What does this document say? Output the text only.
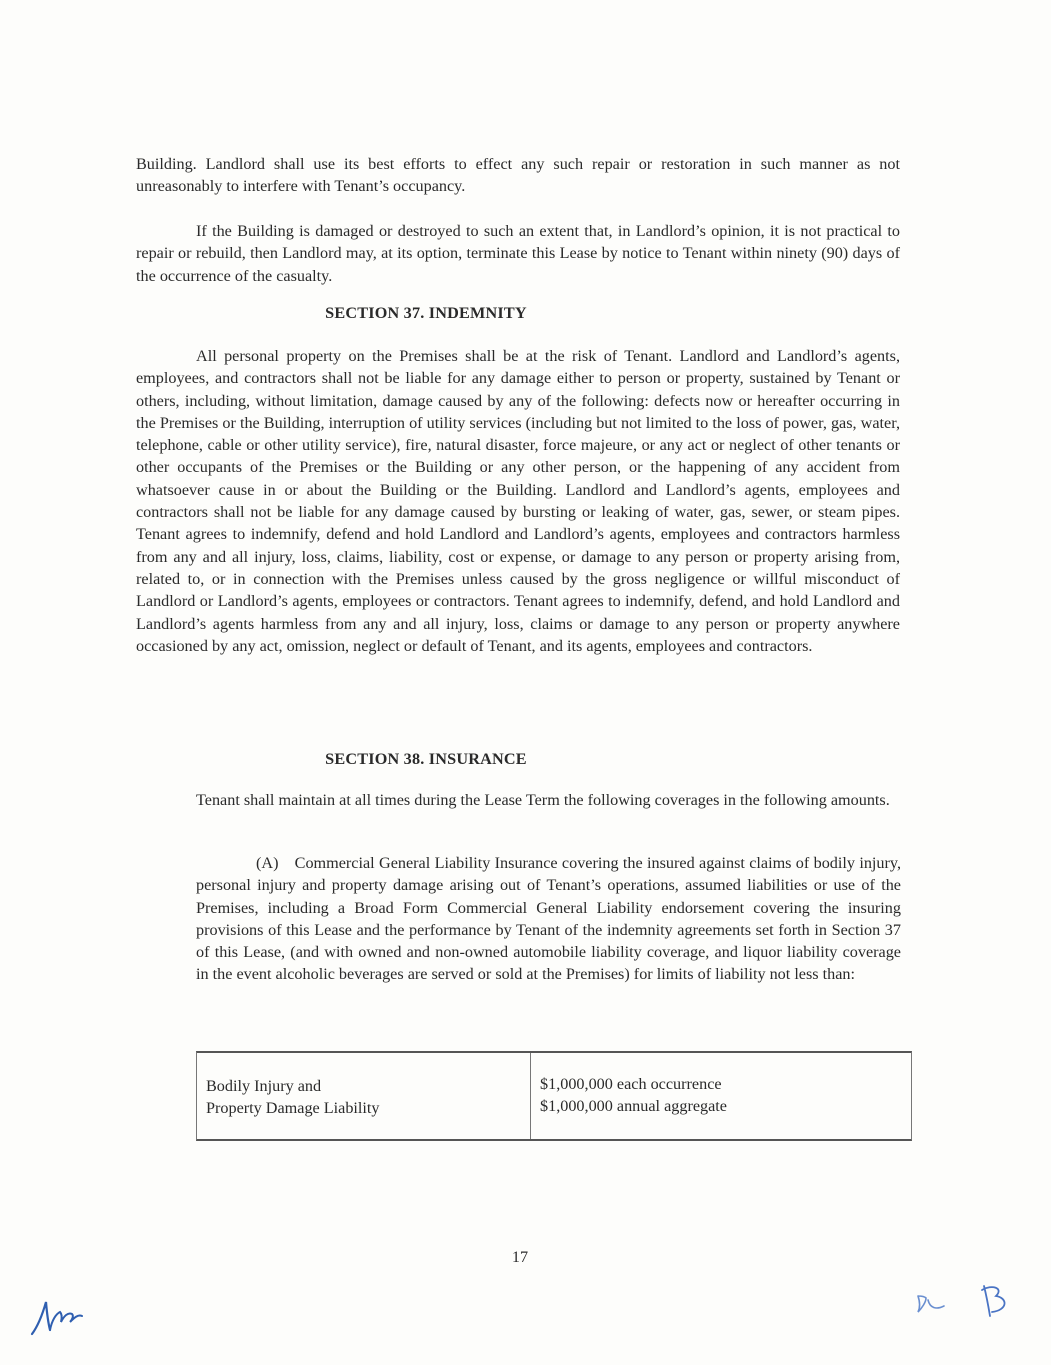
Building. Landlord shall use its best efforts to effect any such repair or restoration in such manner as not unreasonably to interfere with Tenant’s occupancy.

If the Building is damaged or destroyed to such an extent that, in Landlord’s opinion, it is not practical to repair or rebuild, then Landlord may, at its option, terminate this Lease by notice to Tenant within ninety (90) days of the occurrence of the casualty.

SECTION 37. INDEMNITY

All personal property on the Premises shall be at the risk of Tenant. Landlord and Landlord’s agents, employees, and contractors shall not be liable for any damage either to person or property, sustained by Tenant or others, including, without limitation, damage caused by any of the following: defects now or hereafter occurring in the Premises or the Building, interruption of utility services (including but not limited to the loss of power, gas, water, telephone, cable or other utility service), fire, natural disaster, force majeure, or any act or neglect of other tenants or other occupants of the Premises or the Building or any other person, or the happening of any accident from whatsoever cause in or about the Building or the Building. Landlord and Landlord’s agents, employees and contractors shall not be liable for any damage caused by bursting or leaking of water, gas, sewer, or steam pipes. Tenant agrees to indemnify, defend and hold Landlord and Landlord’s agents, employees and contractors harmless from any and all injury, loss, claims, liability, cost or expense, or damage to any person or property arising from, related to, or in connection with the Premises unless caused by the gross negligence or willful misconduct of Landlord or Landlord’s agents, employees or contractors. Tenant agrees to indemnify, defend, and hold Landlord and Landlord’s agents harmless from any and all injury, loss, claims or damage to any person or property anywhere occasioned by any act, omission, neglect or default of Tenant, and its agents, employees and contractors.

SECTION 38. INSURANCE

Tenant shall maintain at all times during the Lease Term the following coverages in the following amounts.

(A) Commercial General Liability Insurance covering the insured against claims of bodily injury, personal injury and property damage arising out of Tenant’s operations, assumed liabilities or use of the Premises, including a Broad Form Commercial General Liability endorsement covering the insuring provisions of this Lease and the performance by Tenant of the indemnity agreements set forth in Section 37 of this Lease, (and with owned and non-owned automobile liability coverage, and liquor liability coverage in the event alcoholic beverages are served or sold at the Premises) for limits of liability not less than:

Bodily Injury and
Property Damage Liability
$1,000,000 each occurrence
$1,000,000 annual aggregate
17
